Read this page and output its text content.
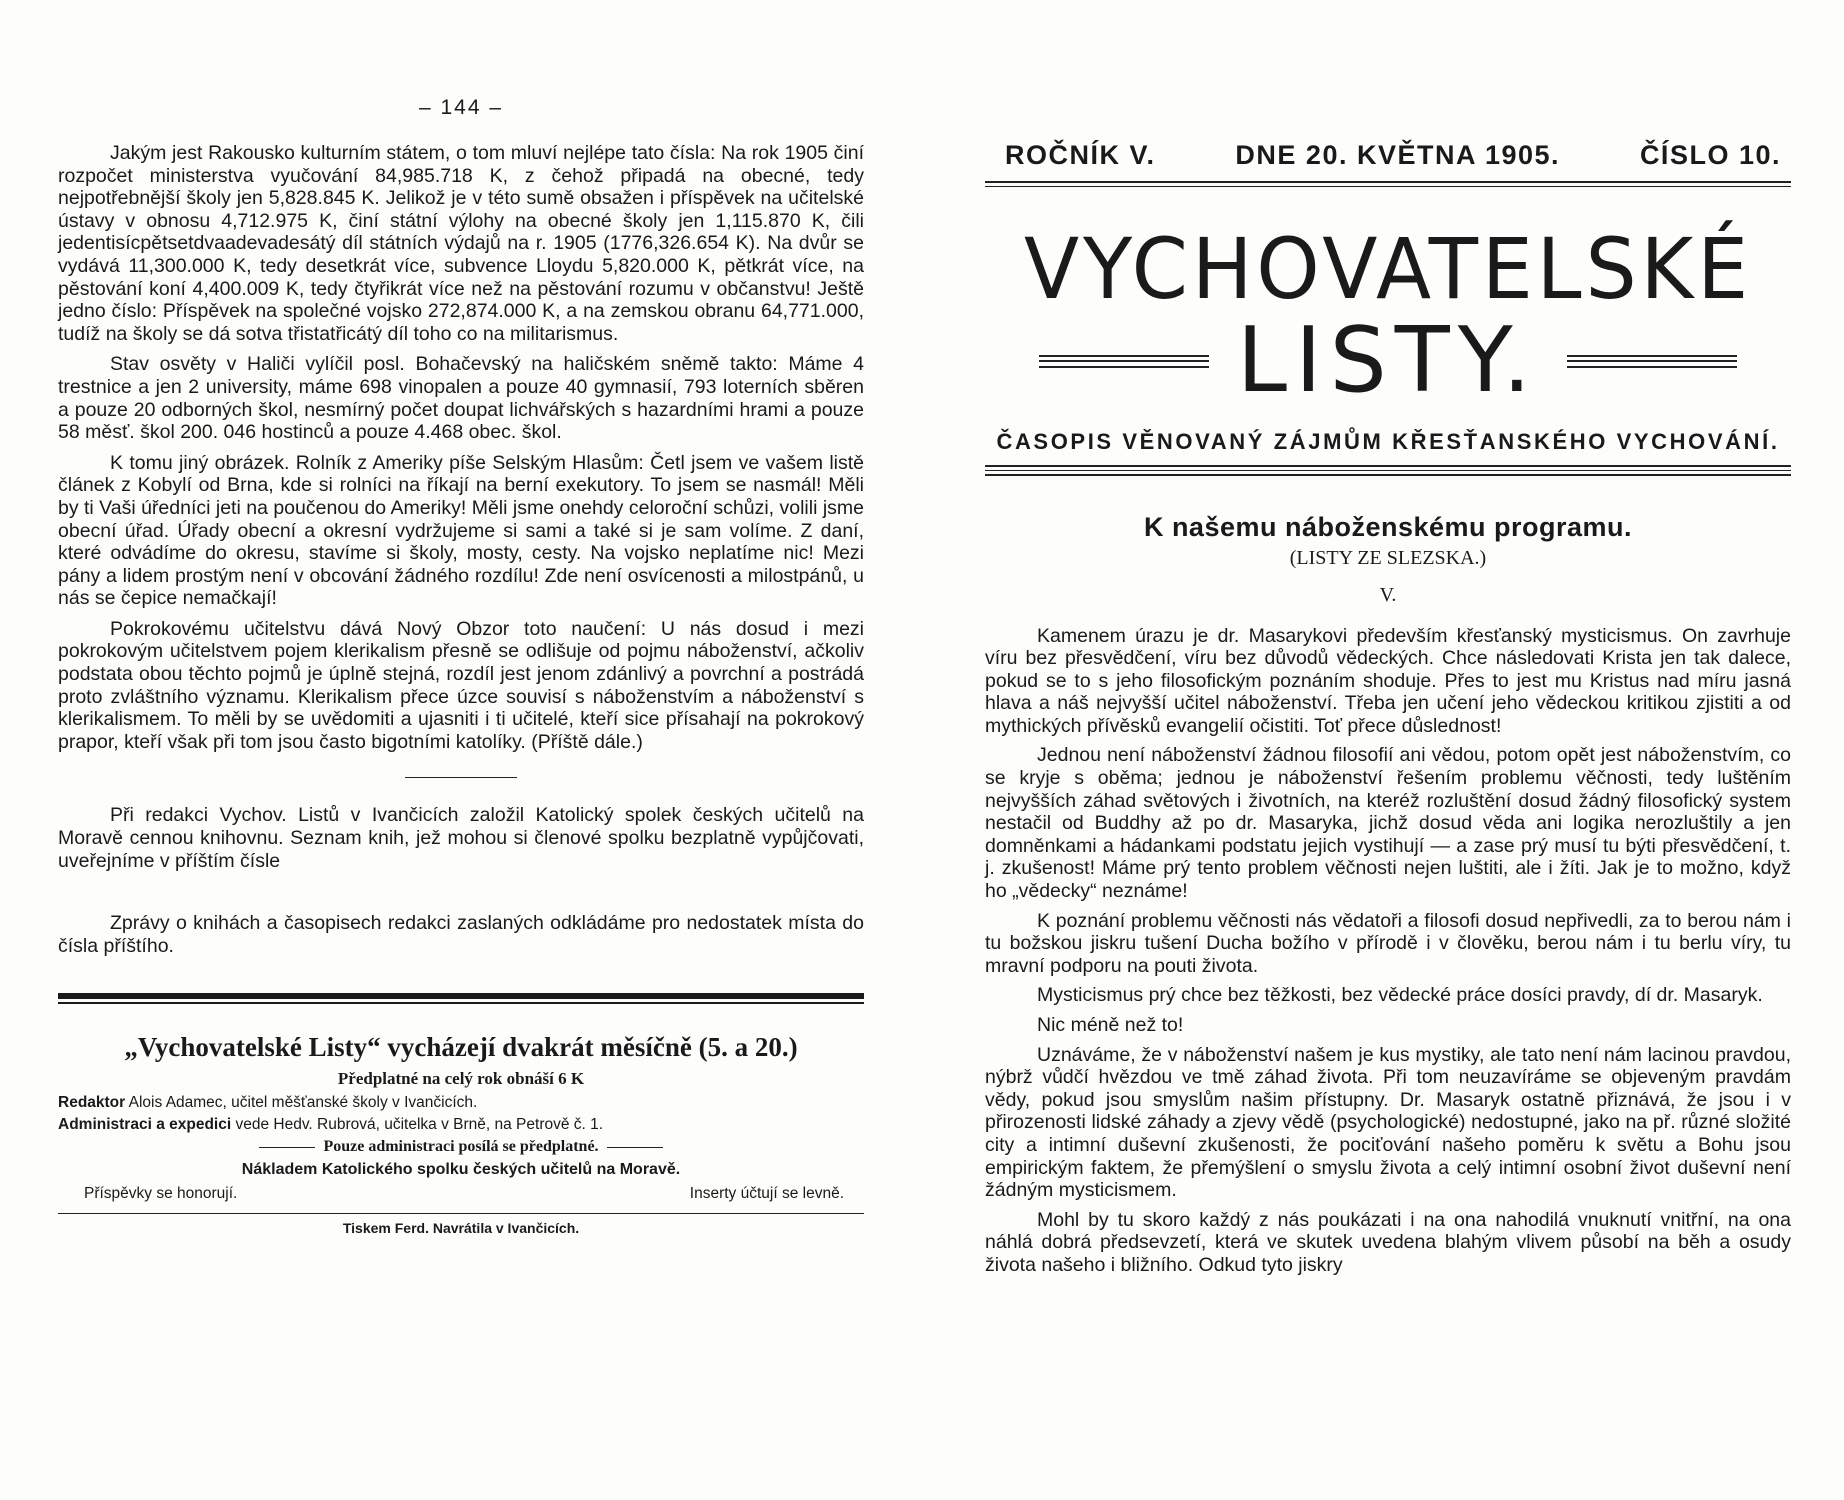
– 144 –

Jakým jest Rakousko kulturním státem, o tom mluví nejlépe tato čísla: Na rok 1905 činí rozpočet ministerstva vyučování 84,985.718 K, z čehož připadá na obecné, tedy nejpotřebnější školy jen 5,828.845 K. Jelikož je v této sumě obsažen i příspěvek na učitelské ústavy v obnosu 4,712.975 K, činí státní výlohy na obecné školy jen 1,115.870 K, čili jedentisícpětsetdvaadevadesátý díl státních výdajů na r. 1905 (1776,326.654 K). Na dvůr se vydává 11,300.000 K, tedy desetkrát více, subvence Lloydu 5,820.000 K, pětkrát více, na pěstování koní 4,400.009 K, tedy čtyřikrát více než na pěstování rozumu v občanstvu! Ještě jedno číslo: Příspěvek na společné vojsko 272,874.000 K, a na zemskou obranu 64,771.000, tudíž na školy se dá sotva třistatřicátý díl toho co na militarismus.

Stav osvěty v Haliči vylíčil posl. Bohačevský na haličském sněmě takto: Máme 4 trestnice a jen 2 university, máme 698 vinopalen a pouze 40 gymnasií, 793 loterních sběren a pouze 20 odborných škol, nesmírný počet doupat lichvářských s hazardními hrami a pouze 58 měsť. škol 200. 046 hostinců a pouze 4.468 obec. škol.

K tomu jiný obrázek. Rolník z Ameriky píše Selským Hlasům: Četl jsem ve vašem listě článek z Kobylí od Brna, kde si rolníci na říkají na berní exekutory. To jsem se nasmál! Měli by ti Vaši úředníci jeti na poučenou do Ameriky! Měli jsme onehdy celoroční schůzi, volili jsme obecní úřad. Úřady obecní a okresní vydržujeme si sami a také si je sam volíme. Z daní, které odvádíme do okresu, stavíme si školy, mosty, cesty. Na vojsko neplatíme nic! Mezi pány a lidem prostým není v obcování žádného rozdílu! Zde není osvícenosti a milostpánů, u nás se čepice nemačkají!

Pokrokovému učitelstvu dává Nový Obzor toto naučení: U nás dosud i mezi pokrokovým učitelstvem pojem klerikalism přesně se odlišuje od pojmu náboženství, ačkoliv podstata obou těchto pojmů je úplně stejná, rozdíl jest jenom zdánlivý a povrchní a postrádá proto zvláštního významu. Klerikalism přece úzce souvisí s náboženstvím a náboženství s klerikalismem. To měli by se uvědomiti a ujasniti i ti učitelé, kteří sice přísahají na pokrokový prapor, kteří však při tom jsou často bigotními katolíky. (Příště dále.)

Při redakci Vychov. Listů v Ivančicích založil Katolický spolek českých učitelů na Moravě cennou knihovnu. Seznam knih, jež mohou si členové spolku bezplatně vypůjčovati, uveřejníme v příštím čísle

Zprávy o knihách a časopisech redakci zaslaných odkládáme pro nedostatek místa do čísla příštího.

„Vychovatelské Listy“ vycházejí dvakrát měsíčně (5. a 20.)
Předplatné na celý rok obnáší 6 K
Redaktor Alois Adamec, učitel měšťanské školy v Ivančicích.
Administraci a expedici vede Hedv. Rubrová, učitelka v Brně, na Petrově č. 1.
Pouze administraci posílá se předplatné.
Nákladem Katolického spolku českých učitelů na Moravě.
Příspěvky se honorují.	Inserty účtují se levně.
Tiskem Ferd. Navrátila v Ivančicích.
ROČNÍK V.	DNE 20. KVĚTNA 1905.	ČÍSLO 10.
VYCHOVATELSKÉ
LISTY.
ČASOPIS VĚNOVANÝ ZÁJMŮM KŘESŤANSKÉHO VYCHOVÁNÍ.
K našemu náboženskému programu.
(LISTY ZE SLEZSKA.)
V.

Kamenem úrazu je dr. Masarykovi především křesťanský mysticismus. On zavrhuje víru bez přesvědčení, víru bez důvodů vědeckých. Chce následovati Krista jen tak dalece, pokud se to s jeho filosofickým poznáním shoduje. Přes to jest mu Kristus nad míru jasná hlava a náš nejvyšší učitel náboženství. Třeba jen učení jeho vědeckou kritikou zjistiti a od mythických přívěsků evangelií očistiti. Toť přece důslednost!

Jednou není náboženství žádnou filosofií ani vědou, potom opět jest náboženstvím, co se kryje s oběma; jednou je náboženství řešením problemu věčnosti, tedy luštěním nejvyšších záhad světových i životních, na kteréž rozluštění dosud žádný filosofický system nestačil od Buddhy až po dr. Masaryka, jichž dosud věda ani logika nerozluštily a jen domněnkami a hádankami podstatu jejich vystihují — a zase prý musí tu býti přesvědčení, t. j. zkušenost! Máme prý tento problem věčnosti nejen luštiti, ale i žíti. Jak je to možno, když ho „vědecky“ neznáme!

K poznání problemu věčnosti nás vědatoři a filosofi dosud nepřivedli, za to berou nám i tu božskou jiskru tušení Ducha božího v přírodě i v člověku, berou nám i tu berlu víry, tu mravní podporu na pouti života.

Mysticismus prý chce bez těžkosti, bez vědecké práce dosíci pravdy, dí dr. Masaryk.

Nic méně než to!

Uznáváme, že v náboženství našem je kus mystiky, ale tato není nám lacinou pravdou, nýbrž vůdčí hvězdou ve tmě záhad života. Při tom neuzavíráme se objeveným pravdám vědy, pokud jsou smyslům našim přístupny. Dr. Masaryk ostatně přiznává, že jsou i v přirozenosti lidské záhady a zjevy vědě (psychologické) nedostupné, jako na př. různé složité city a intimní duševní zkušenosti, že pociťování našeho poměru k světu a Bohu jsou empirickým faktem, že přemýšlení o smyslu života a celý intimní osobní život duševní není žádným mysticismem.

Mohl by tu skoro každý z nás poukázati i na ona nahodilá vnuknutí vnitřní, na ona náhlá dobrá předsevzetí, která ve skutek uvedena blahým vlivem působí na běh a osudy života našeho i bližního. Odkud tyto jiskry
